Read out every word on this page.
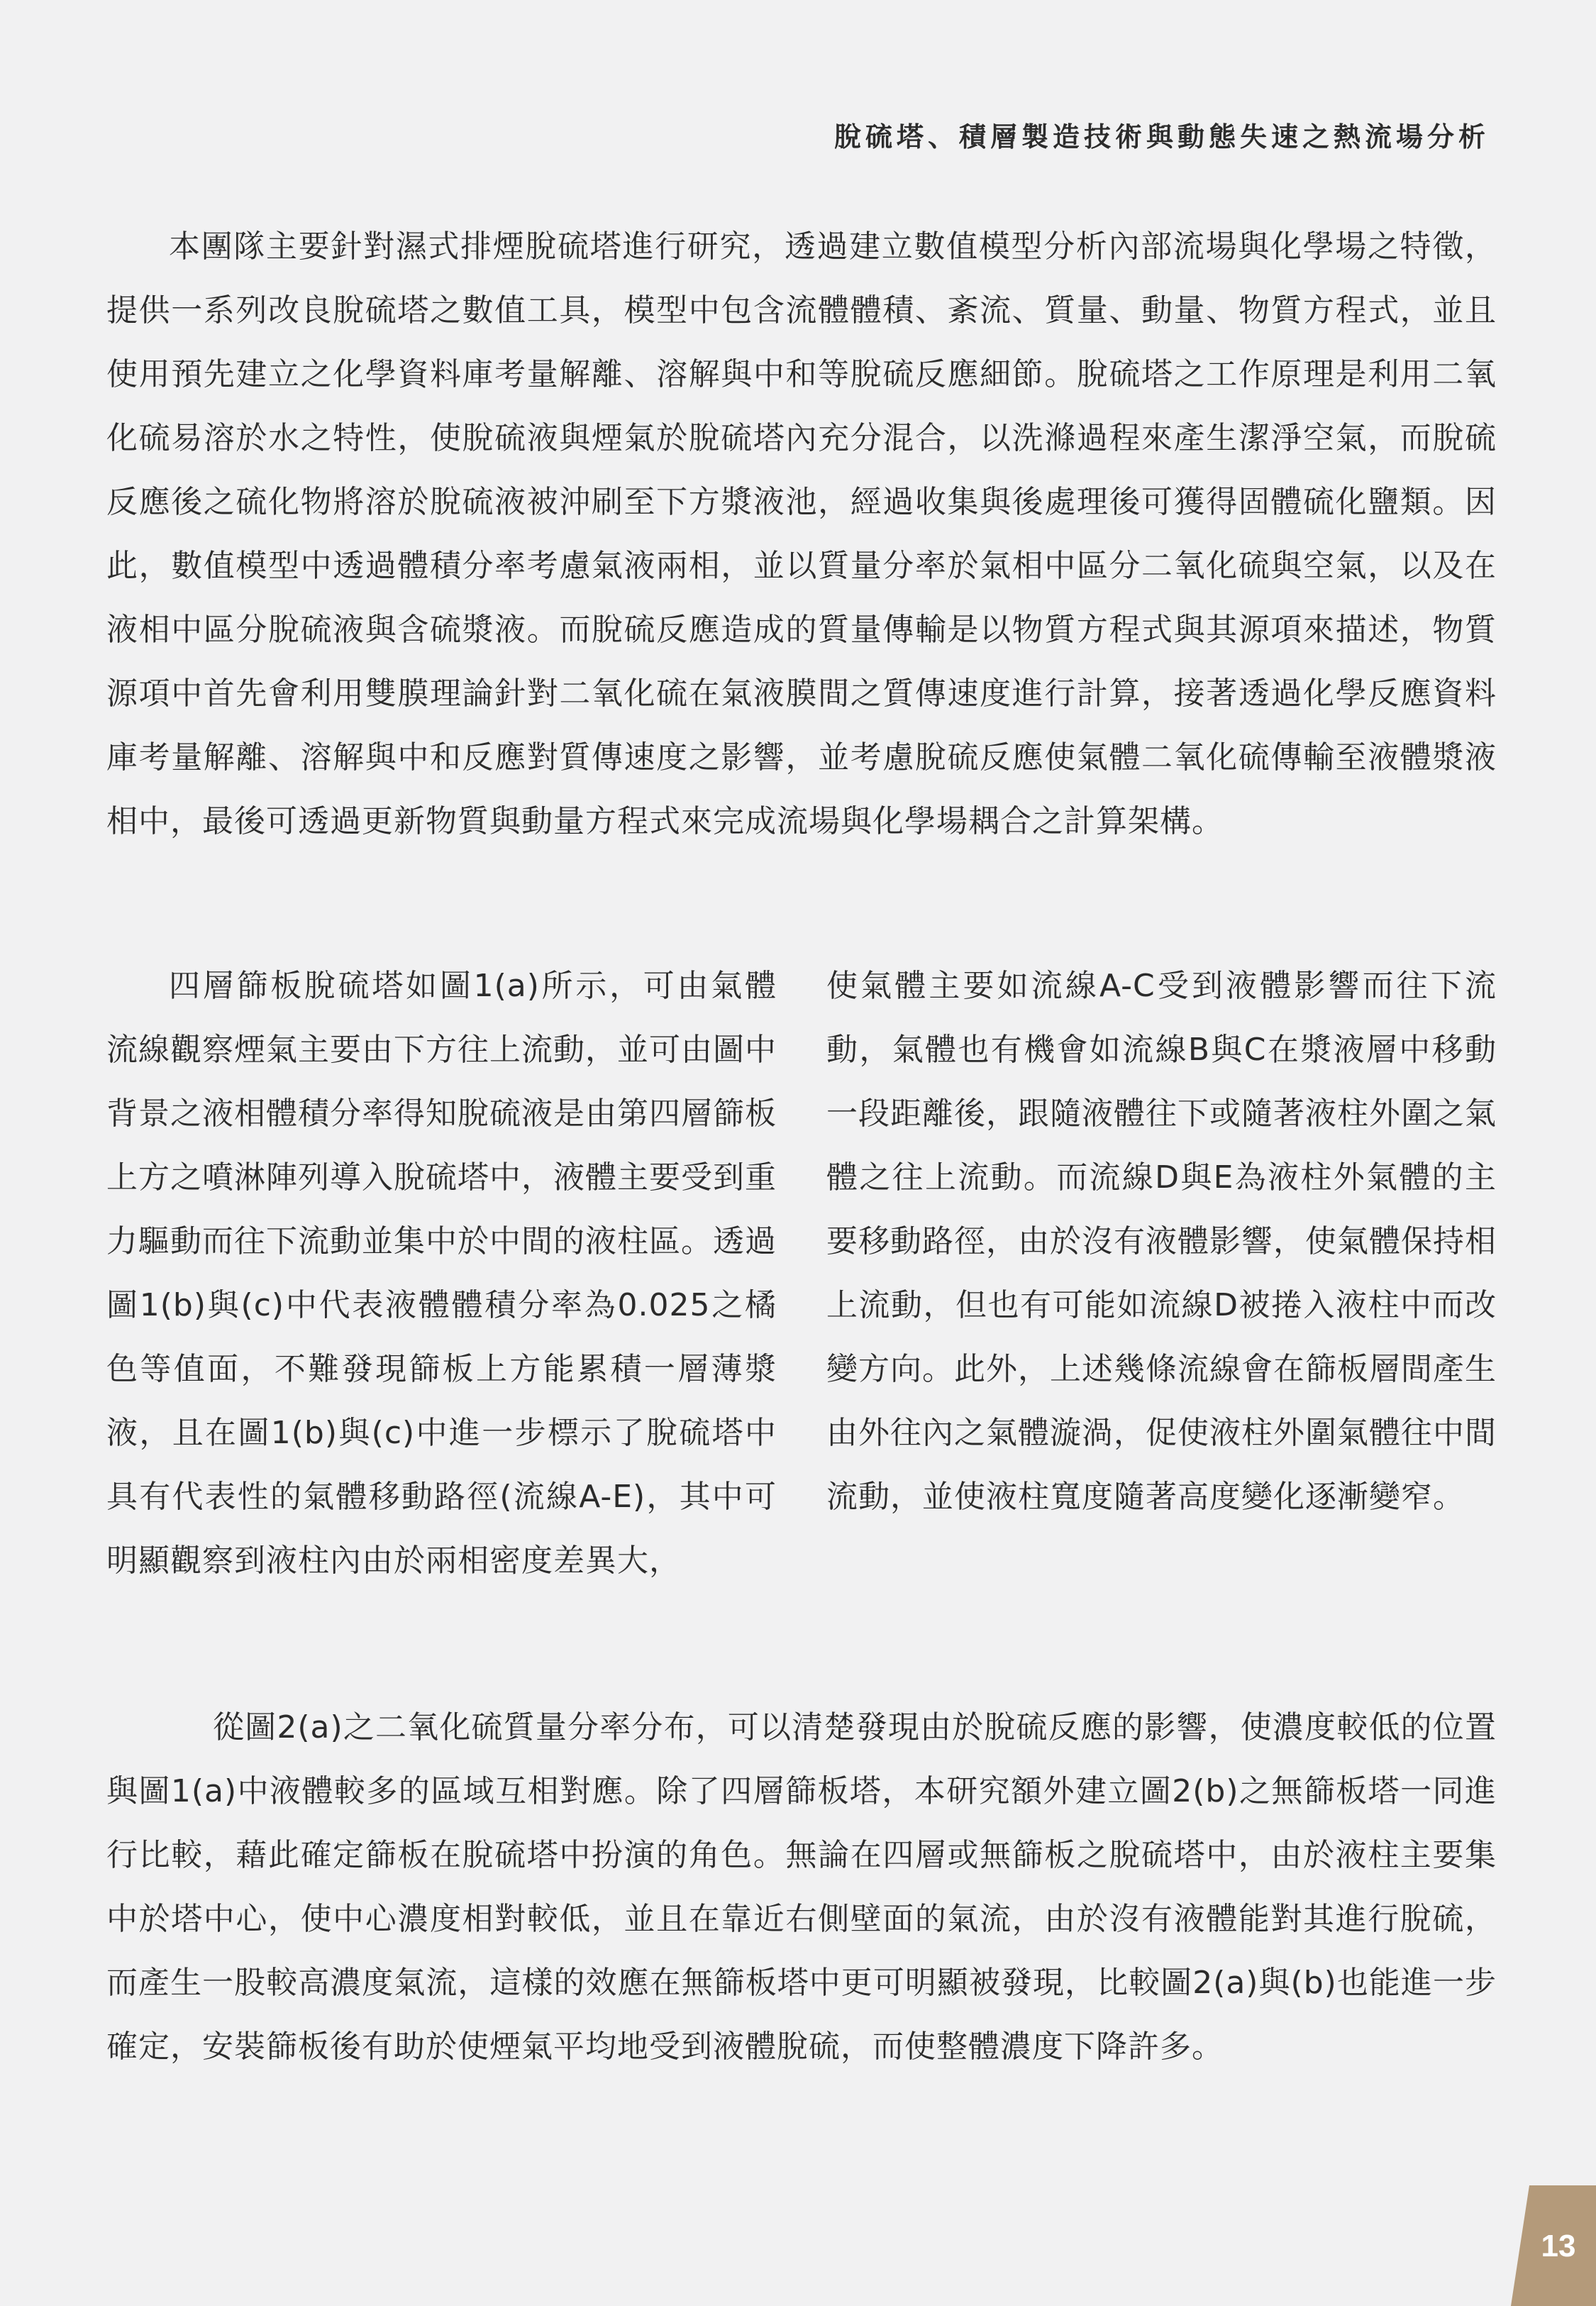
脫硫塔、積層製造技術與動態失速之熱流場分析

本團隊主要針對濕式排煙脫硫塔進行研究，透過建立數值模型分析內部流場與化學場之特徵，提供一系列改良脫硫塔之數值工具，模型中包含流體體積、紊流、質量、動量、物質方程式，並且使用預先建立之化學資料庫考量解離、溶解與中和等脫硫反應細節。脫硫塔之工作原理是利用二氧化硫易溶於水之特性，使脫硫液與煙氣於脫硫塔內充分混合，以洗滌過程來產生潔淨空氣，而脫硫反應後之硫化物將溶於脫硫液被沖刷至下方漿液池，經過收集與後處理後可獲得固體硫化鹽類。因此，數值模型中透過體積分率考慮氣液兩相，並以質量分率於氣相中區分二氧化硫與空氣，以及在液相中區分脫硫液與含硫漿液。而脫硫反應造成的質量傳輸是以物質方程式與其源項來描述，物質源項中首先會利用雙膜理論針對二氧化硫在氣液膜間之質傳速度進行計算，接著透過化學反應資料庫考量解離、溶解與中和反應對質傳速度之影響，並考慮脫硫反應使氣體二氧化硫傳輸至液體漿液相中，最後可透過更新物質與動量方程式來完成流場與化學場耦合之計算架構。

四層篩板脫硫塔如圖1(a)所示，可由氣體流線觀察煙氣主要由下方往上流動，並可由圖中背景之液相體積分率得知脫硫液是由第四層篩板上方之噴淋陣列導入脫硫塔中，液體主要受到重力驅動而往下流動並集中於中間的液柱區。透過圖1(b)與(c)中代表液體體積分率為0.025之橘色等值面，不難發現篩板上方能累積一層薄漿液，且在圖1(b)與(c)中進一步標示了脫硫塔中具有代表性的氣體移動路徑(流線A-E)，其中可明顯觀察到液柱內由於兩相密度差異大，

使氣體主要如流線A-C受到液體影響而往下流動，氣體也有機會如流線B與C在漿液層中移動一段距離後，跟隨液體往下或隨著液柱外圍之氣體之往上流動。而流線D與E為液柱外氣體的主要移動路徑，由於沒有液體影響，使氣體保持相上流動，但也有可能如流線D被捲入液柱中而改變方向。此外，上述幾條流線會在篩板層間產生由外往內之氣體漩渦，促使液柱外圍氣體往中間流動，並使液柱寬度隨著高度變化逐漸變窄。

從圖2(a)之二氧化硫質量分率分布，可以清楚發現由於脫硫反應的影響，使濃度較低的位置與圖1(a)中液體較多的區域互相對應。除了四層篩板塔，本研究額外建立圖2(b)之無篩板塔一同進行比較，藉此確定篩板在脫硫塔中扮演的角色。無論在四層或無篩板之脫硫塔中，由於液柱主要集中於塔中心，使中心濃度相對較低，並且在靠近右側壁面的氣流，由於沒有液體能對其進行脫硫，而產生一股較高濃度氣流，這樣的效應在無篩板塔中更可明顯被發現，比較圖2(a)與(b)也能進一步確定，安裝篩板後有助於使煙氣平均地受到液體脫硫，而使整體濃度下降許多。

13
